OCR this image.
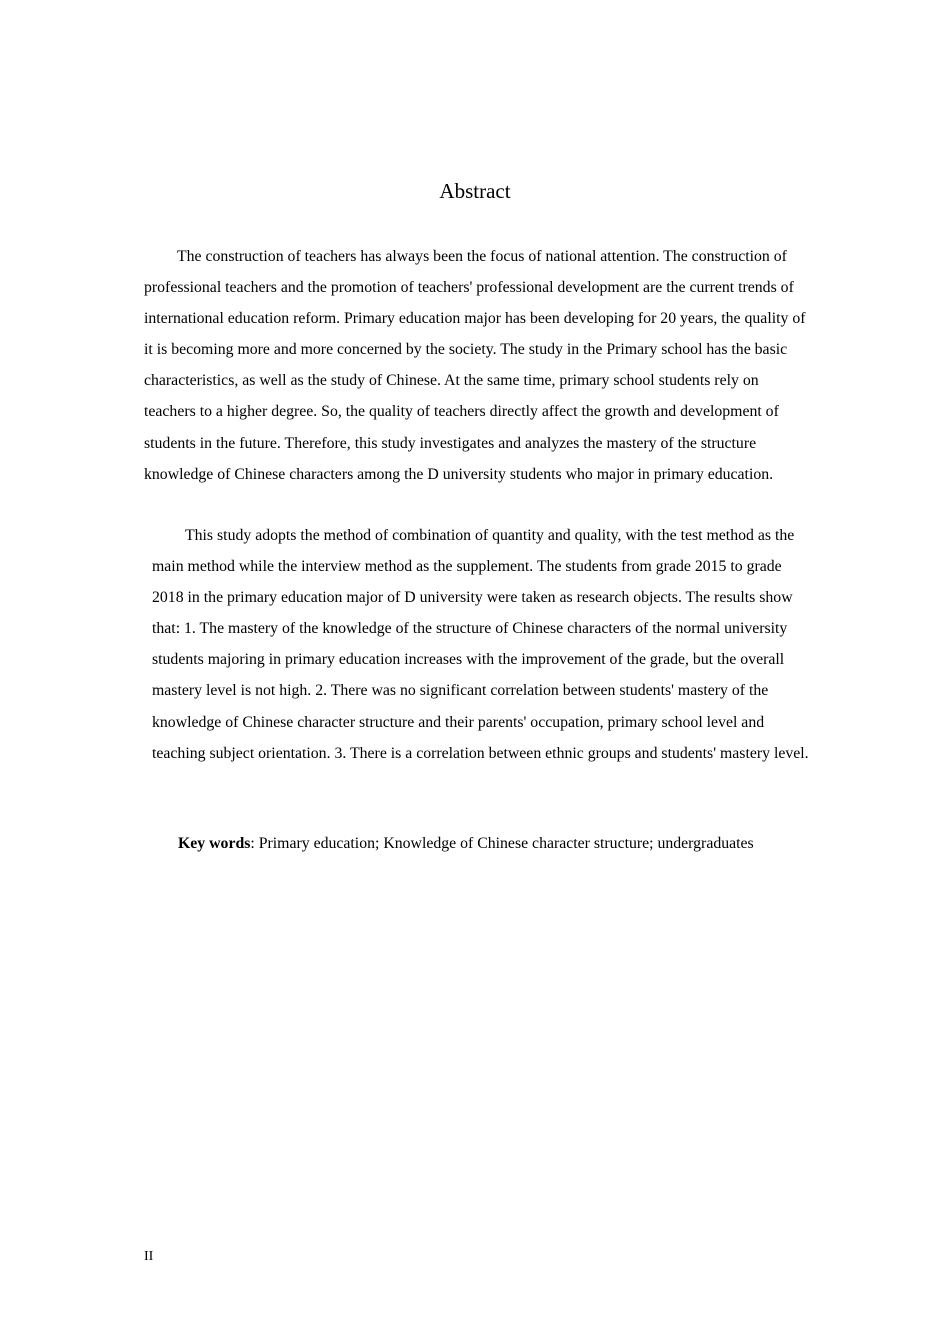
Abstract

The construction of teachers has always been the focus of national attention. The construction of professional teachers and the promotion of teachers' professional development are the current trends of international education reform. Primary education major has been developing for 20 years, the quality of it is becoming more and more concerned by the society. The study in the Primary school has the basic characteristics, as well as the study of Chinese. At the same time, primary school students rely on teachers to a higher degree. So, the quality of teachers directly affect the growth and development of students in the future. Therefore, this study investigates and analyzes the mastery of the structure knowledge of Chinese characters among the D university students who major in primary education.

This study adopts the method of combination of quantity and quality, with the test method as the main method while the interview method as the supplement. The students from grade 2015 to grade 2018 in the primary education major of D university were taken as research objects. The results show that: 1. The mastery of the knowledge of the structure of Chinese characters of the normal university students majoring in primary education increases with the improvement of the grade, but the overall mastery level is not high. 2. There was no significant correlation between students' mastery of the knowledge of Chinese character structure and their parents' occupation, primary school level and teaching subject orientation. 3. There is a correlation between ethnic groups and students' mastery level.

Key words: Primary education; Knowledge of Chinese character structure; undergraduates

II
